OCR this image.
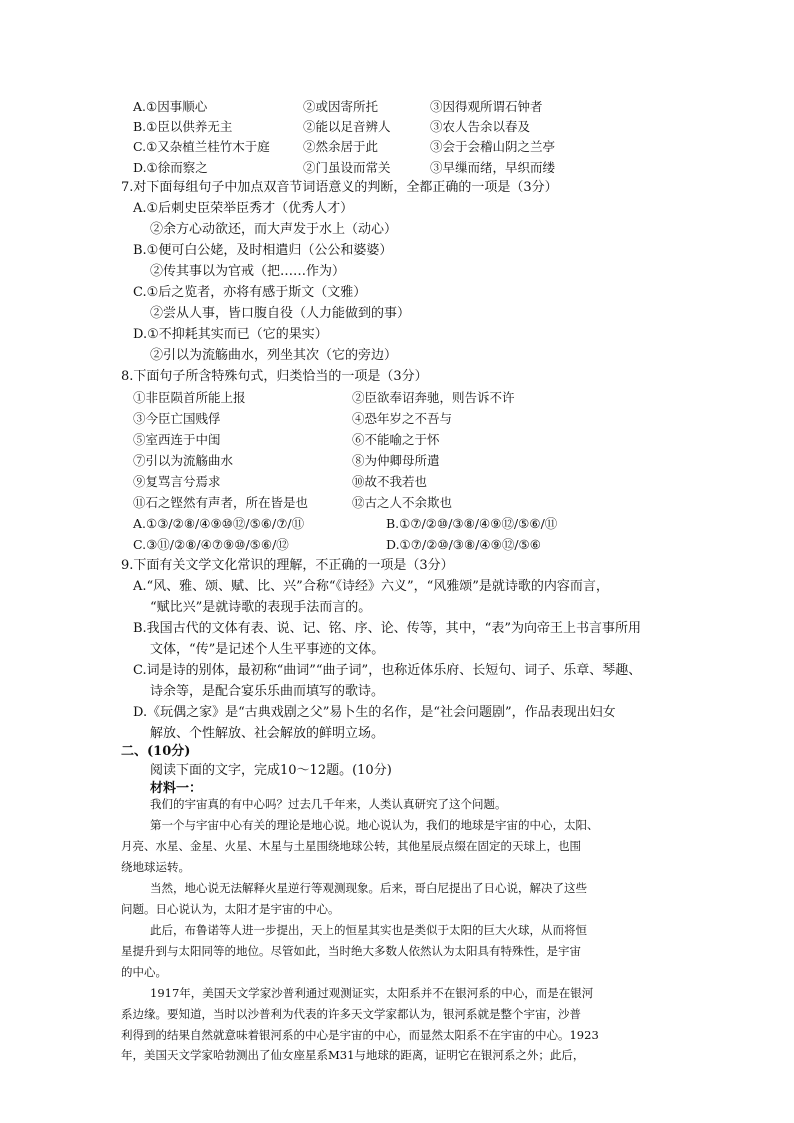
A.①因事顺心	②或因寄所托	③因得观所谓石钟者
B.①臣以供养无主	②能以足音辨人	③农人告余以春及
C.①又杂植兰桂竹木于庭	②然余居于此	③会于会稽山阴之兰亭
D.①徐而察之	②门虽设而常关	③早缫而绪，早织而缕
7.对下面每组句子中加点双音节词语意义的判断，全都正确的一项是（3分）
A.①后刺史臣荣举臣秀才（优秀人才）
②余方心动欲还，而大声发于水上（动心）
B.①便可白公姥，及时相遣归（公公和婆婆）
②传其事以为官戒（把……作为）
C.①后之览者，亦将有感于斯文（文雅）
②尝从人事，皆口腹自役（人力能做到的事）
D.①不抑耗其实而已（它的果实）
②引以为流觞曲水，列坐其次（它的旁边）
8.下面句子所含特殊句式，归类恰当的一项是（3分）
①非臣陨首所能上报	②臣欲奉诏奔驰，则告诉不许
③今臣亡国贱俘	④恐年岁之不吾与
⑤室西连于中闺	⑥不能喻之于怀
⑦引以为流觞曲水	⑧为仲卿母所遣
⑨复骂言兮焉求	⑩故不我若也
⑪石之铿然有声者，所在皆是也	⑫古之人不余欺也
A.①③/②⑧/④⑨⑩⑫/⑤⑥/⑦/⑪	B.①⑦/②⑩/③⑧/④⑨⑫/⑤⑥/⑪
C.③⑪/②⑧/④⑦⑨⑩/⑤⑥/⑫	D.①⑦/②⑩/③⑧/④⑨⑫/⑤⑥
9.下面有关文学文化常识的理解，不正确的一项是（3分）
A.“风、雅、颂、赋、比、兴”合称“《诗经》六义”，“风雅颂”是就诗歌的内容而言，
“赋比兴”是就诗歌的表现手法而言的。
B.我国古代的文体有表、说、记、铭、序、论、传等，其中，“表”为向帝王上书言事所用
文体，“传”是记述个人生平事迹的文体。
C.词是诗的别体，最初称“曲词”“曲子词”，也称近体乐府、长短句、词子、乐章、琴趣、
诗余等，是配合宴乐乐曲而填写的歌诗。
D.《玩偶之家》是“古典戏剧之父”易卜生的名作，是“社会问题剧”，作品表现出妇女
解放、个性解放、社会解放的鲜明立场。
二、(10分)
阅读下面的文字，完成10～12题。(10分)
材料一：
我们的宇宙真的有中心吗？过去几千年来，人类认真研究了这个问题。
第一个与宇宙中心有关的理论是地心说。地心说认为，我们的地球是宇宙的中心，太阳、
月亮、水星、金星、火星、木星与土星围绕地球公转，其他星辰点缀在固定的天球上，也围
绕地球运转。
当然，地心说无法解释火星逆行等观测现象。后来，哥白尼提出了日心说，解决了这些
问题。日心说认为，太阳才是宇宙的中心。
此后，布鲁诺等人进一步提出，天上的恒星其实也是类似于太阳的巨大火球，从而将恒
星提升到与太阳同等的地位。尽管如此，当时绝大多数人依然认为太阳具有特殊性，是宇宙
的中心。
1917年，美国天文学家沙普利通过观测证实，太阳系并不在银河系的中心，而是在银河
系边缘。要知道，当时以沙普利为代表的许多天文学家都认为，银河系就是整个宇宙，沙普
利得到的结果自然就意味着银河系的中心是宇宙的中心，而显然太阳系不在宇宙的中心。1923
年，美国天文学家哈勃测出了仙女座星系M31与地球的距离，证明它在银河系之外；此后，
